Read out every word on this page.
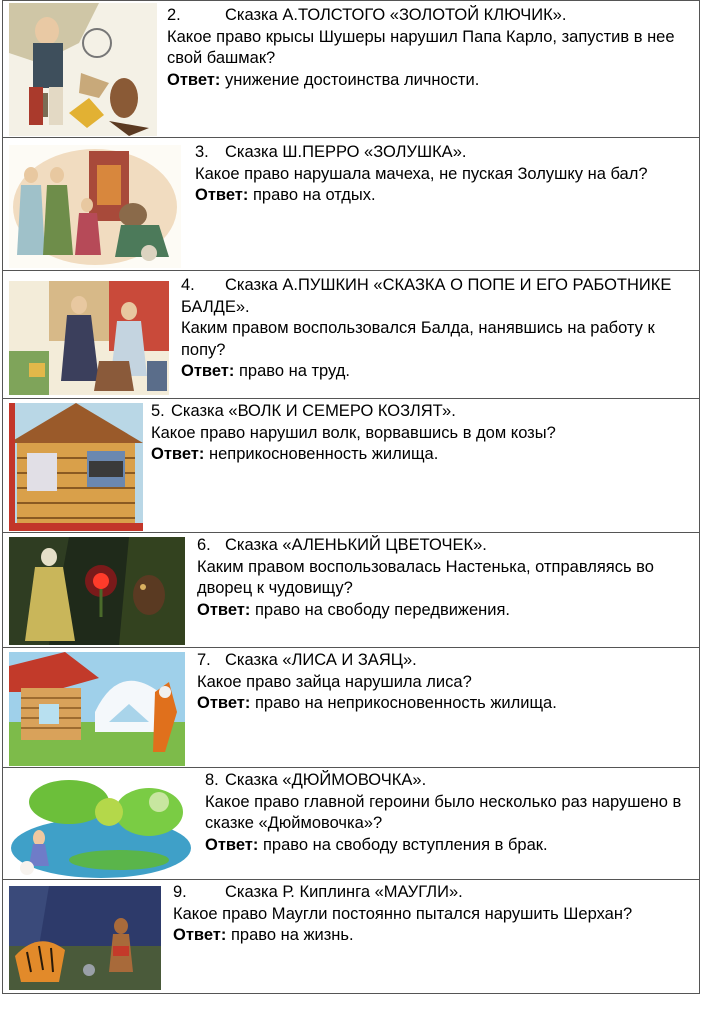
2.	Сказка А.ТОЛСТОГО «ЗОЛОТОЙ КЛЮЧИК».

Какое право крысы Шушеры нарушил Папа Карло, запустив в нее свой башмак?

Ответ: унижение достоинства личности.

3. Сказка Ш.ПЕРРО «ЗОЛУШКА».

Какое право нарушала мачеха, не пуская Золушку на бал?

Ответ: право на отдых.

4. Сказка А.ПУШКИН «СКАЗКА О ПОПЕ И ЕГО РАБОТНИКЕ БАЛДЕ».

Каким правом воспользовался Балда, нанявшись на работу к попу?

Ответ: право на труд.

5. Сказка «ВОЛК И СЕМЕРО КОЗЛЯТ».

Какое право нарушил волк, ворвавшись в дом козы?

Ответ: неприкосновенность жилища.

6. Сказка «АЛЕНЬКИЙ ЦВЕТОЧЕК».

Каким правом воспользовалась Настенька, отправляясь во дворец к чудовищу?

Ответ: право на свободу передвижения.

7. Сказка «ЛИСА И ЗАЯЦ».

Какое право зайца нарушила лиса?

Ответ: право на неприкосновенность жилища.

8. Сказка «ДЮЙМОВОЧКА».

Какое право главной героини было несколько раз нарушено в сказке «Дюймовочка»?

Ответ: право на свободу вступления в брак.

9. Сказка Р. Киплинга «МАУГЛИ».

Какое право Маугли постоянно пытался нарушить Шерхан?

Ответ: право на жизнь.
